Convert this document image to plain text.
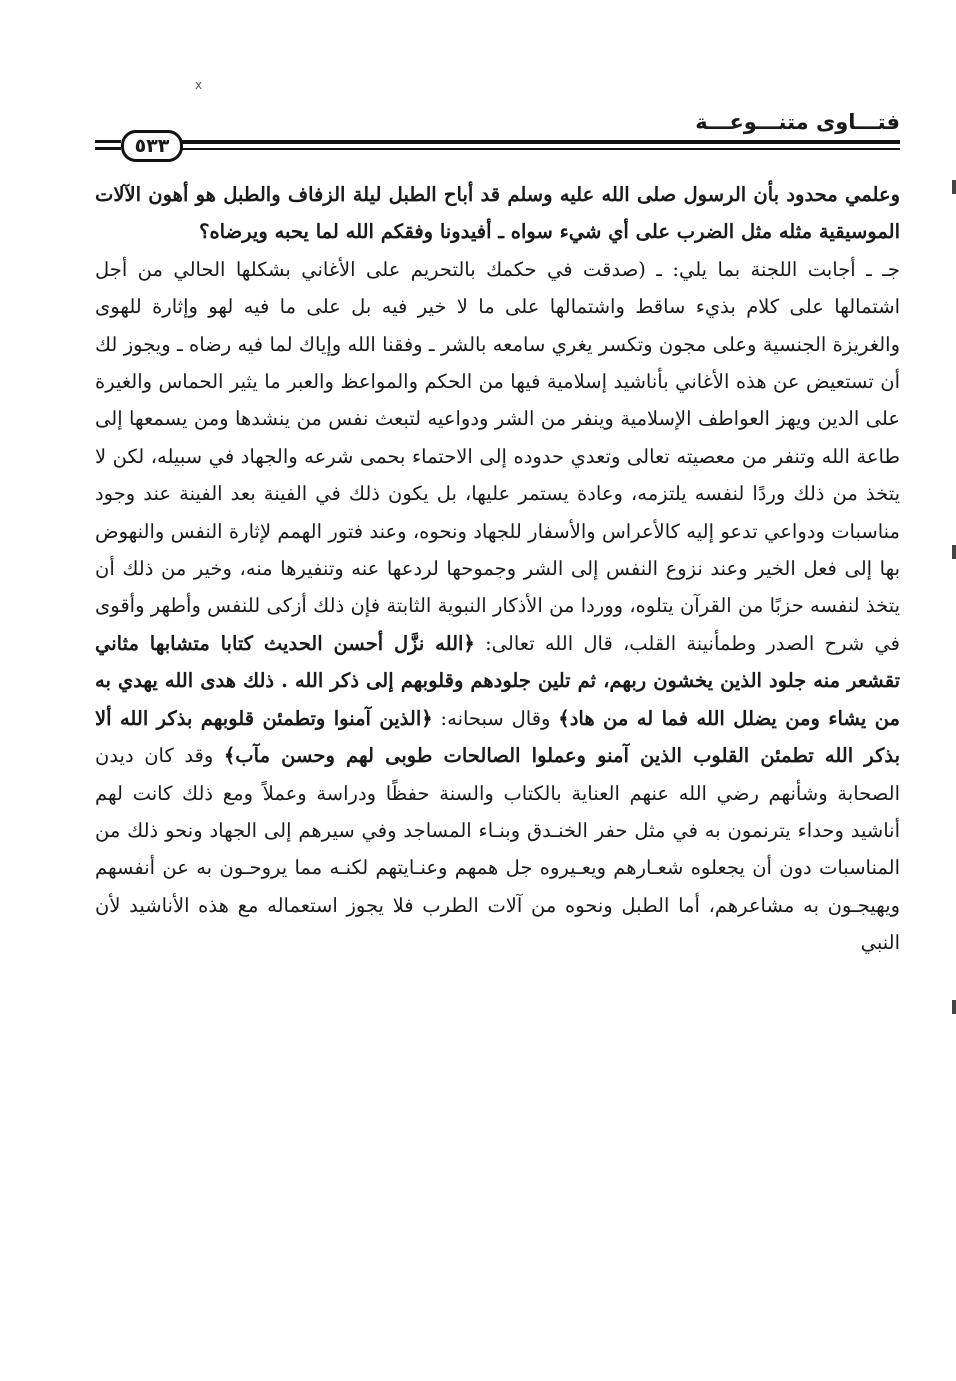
x
فتـــاوى متنـــوعـــة
٥٣٣

وعلمي محدود بأن الرسول صلى الله عليه وسلم قد أباح الطبل ليلة الزفاف والطبل هو أهون الآلات الموسيقية مثله مثل الضرب على أي شيء سواه ـ أفيدونا وفقكم الله لما يحبه ويرضاه؟

جـ ـ أجابت اللجنة بما يلي: ـ (صدقت في حكمك بالتحريم على الأغاني بشكلها الحالي من أجل اشتمالها على كلام بذيء ساقط واشتمالها على ما لا خير فيه بل على ما فيه لهو وإثارة للهوى والغريزة الجنسية وعلى مجون وتكسر يغري سامعه بالشر ـ وفقنا الله وإياك لما فيه رضاه ـ ويجوز لك أن تستعيض عن هذه الأغاني بأناشيد إسلامية فيها من الحكم والمواعظ والعبر ما يثير الحماس والغيرة على الدين ويهز العواطف الإسلامية وينفر من الشر ودواعيه لتبعث نفس من ينشدها ومن يسمعها إلى طاعة الله وتنفر من معصيته تعالى وتعدي حدوده إلى الاحتماء بحمى شرعه والجهاد في سبيله، لكن لا يتخذ من ذلك وردًا لنفسه يلتزمه، وعادة يستمر عليها، بل يكون ذلك في الفينة بعد الفينة عند وجود مناسبات ودواعي تدعو إليه كالأعراس والأسفار للجهاد ونحوه، وعند فتور الهمم لإثارة النفس والنهوض بها إلى فعل الخير وعند نزوع النفس إلى الشر وجموحها لردعها عنه وتنفيرها منه، وخير من ذلك أن يتخذ لنفسه حزبًا من القرآن يتلوه، ووردا من الأذكار النبوية الثابتة فإن ذلك أزكى للنفس وأطهر وأقوى في شرح الصدر وطمأنينة القلب، قال الله تعالى: ﴿الله نزَّل أحسن الحديث كتابا متشابها مثاني تقشعر منه جلود الذين يخشون ربهم، ثم تلين جلودهم وقلوبهم إلى ذكر الله . ذلك هدى الله يهدي به من يشاء ومن يضلل الله فما له من هاد﴾ وقال سبحانه: ﴿الذين آمنوا وتطمئن قلوبهم بذكر الله ألا بذكر الله تطمئن القلوب الذين آمنو وعملوا الصالحات طوبى لهم وحسن مآب﴾ وقد كان ديدن الصحابة وشأنهم رضي الله عنهم العناية بالكتاب والسنة حفظًا ودراسة وعملاً ومع ذلك كانت لهم أناشيد وحداء يترنمون به في مثل حفر الخنـدق وبنـاء المساجد وفي سيرهم إلى الجهاد ونحو ذلك من المناسبات دون أن يجعلوه شعـارهم ويعـيروه جل همهم وعنـايتهم لكنـه مما يروحـون به عن أنفسهم ويهيجـون به مشاعرهم، أما الطبل ونحوه من آلات الطرب فلا يجوز استعماله مع هذه الأناشيد لأن النبي
